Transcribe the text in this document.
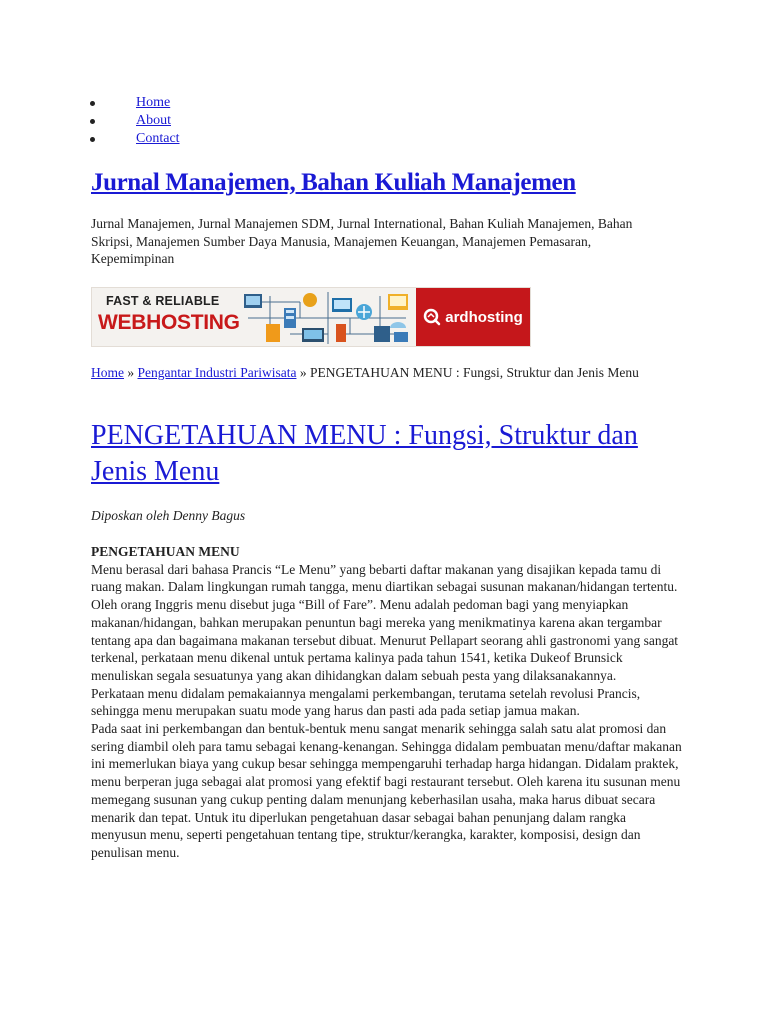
Home
About
Contact
Jurnal Manajemen, Bahan Kuliah Manajemen

Jurnal Manajemen, Jurnal Manajemen SDM, Jurnal International, Bahan Kuliah Manajemen, Bahan Skripsi, Manajemen Sumber Daya Manusia, Manajemen Keuangan, Manajemen Pemasaran, Kepemimpinan

FAST & RELIABLE
WEBHOSTING	ardhosting
Home » Pengantar Industri Pariwisata » PENGETAHUAN MENU : Fungsi, Struktur dan Jenis Menu
PENGETAHUAN MENU : Fungsi, Struktur dan Jenis Menu

Diposkan oleh Denny Bagus

PENGETAHUAN MENU

Menu berasal dari bahasa Prancis “Le Menu” yang bebarti daftar makanan yang disajikan kepada tamu di ruang makan. Dalam lingkungan rumah tangga, menu diartikan sebagai susunan makanan/hidangan tertentu. Oleh orang Inggris menu disebut juga “Bill of Fare”. Menu adalah pedoman bagi yang menyiapkan makanan/hidangan, bahkan merupakan penuntun bagi mereka yang menikmatinya karena akan tergambar tentang apa dan bagaimana makanan tersebut dibuat. Menurut Pellapart seorang ahli gastronomi yang sangat terkenal, perkataan menu dikenal untuk pertama kalinya pada tahun 1541, ketika Dukeof Brunsick menuliskan segala sesuatunya yang akan dihidangkan dalam sebuah pesta yang dilaksanakannya.

Perkataan menu didalam pemakaiannya mengalami perkembangan, terutama setelah revolusi Prancis, sehingga menu merupakan suatu mode yang harus dan pasti ada pada setiap jamua makan.

Pada saat ini perkembangan dan bentuk-bentuk menu sangat menarik sehingga salah satu alat promosi dan sering diambil oleh para tamu sebagai kenang-kenangan. Sehingga didalam pembuatan menu/daftar makanan ini memerlukan biaya yang cukup besar sehingga mempengaruhi terhadap harga hidangan. Didalam praktek, menu berperan juga sebagai alat promosi yang efektif bagi restaurant tersebut. Oleh karena itu susunan menu memegang susunan yang cukup penting dalam menunjang keberhasilan usaha, maka harus dibuat secara menarik dan tepat. Untuk itu diperlukan pengetahuan dasar sebagai bahan penunjang dalam rangka menyusun menu, seperti pengetahuan tentang tipe, struktur/kerangka, karakter, komposisi, design dan penulisan menu.
